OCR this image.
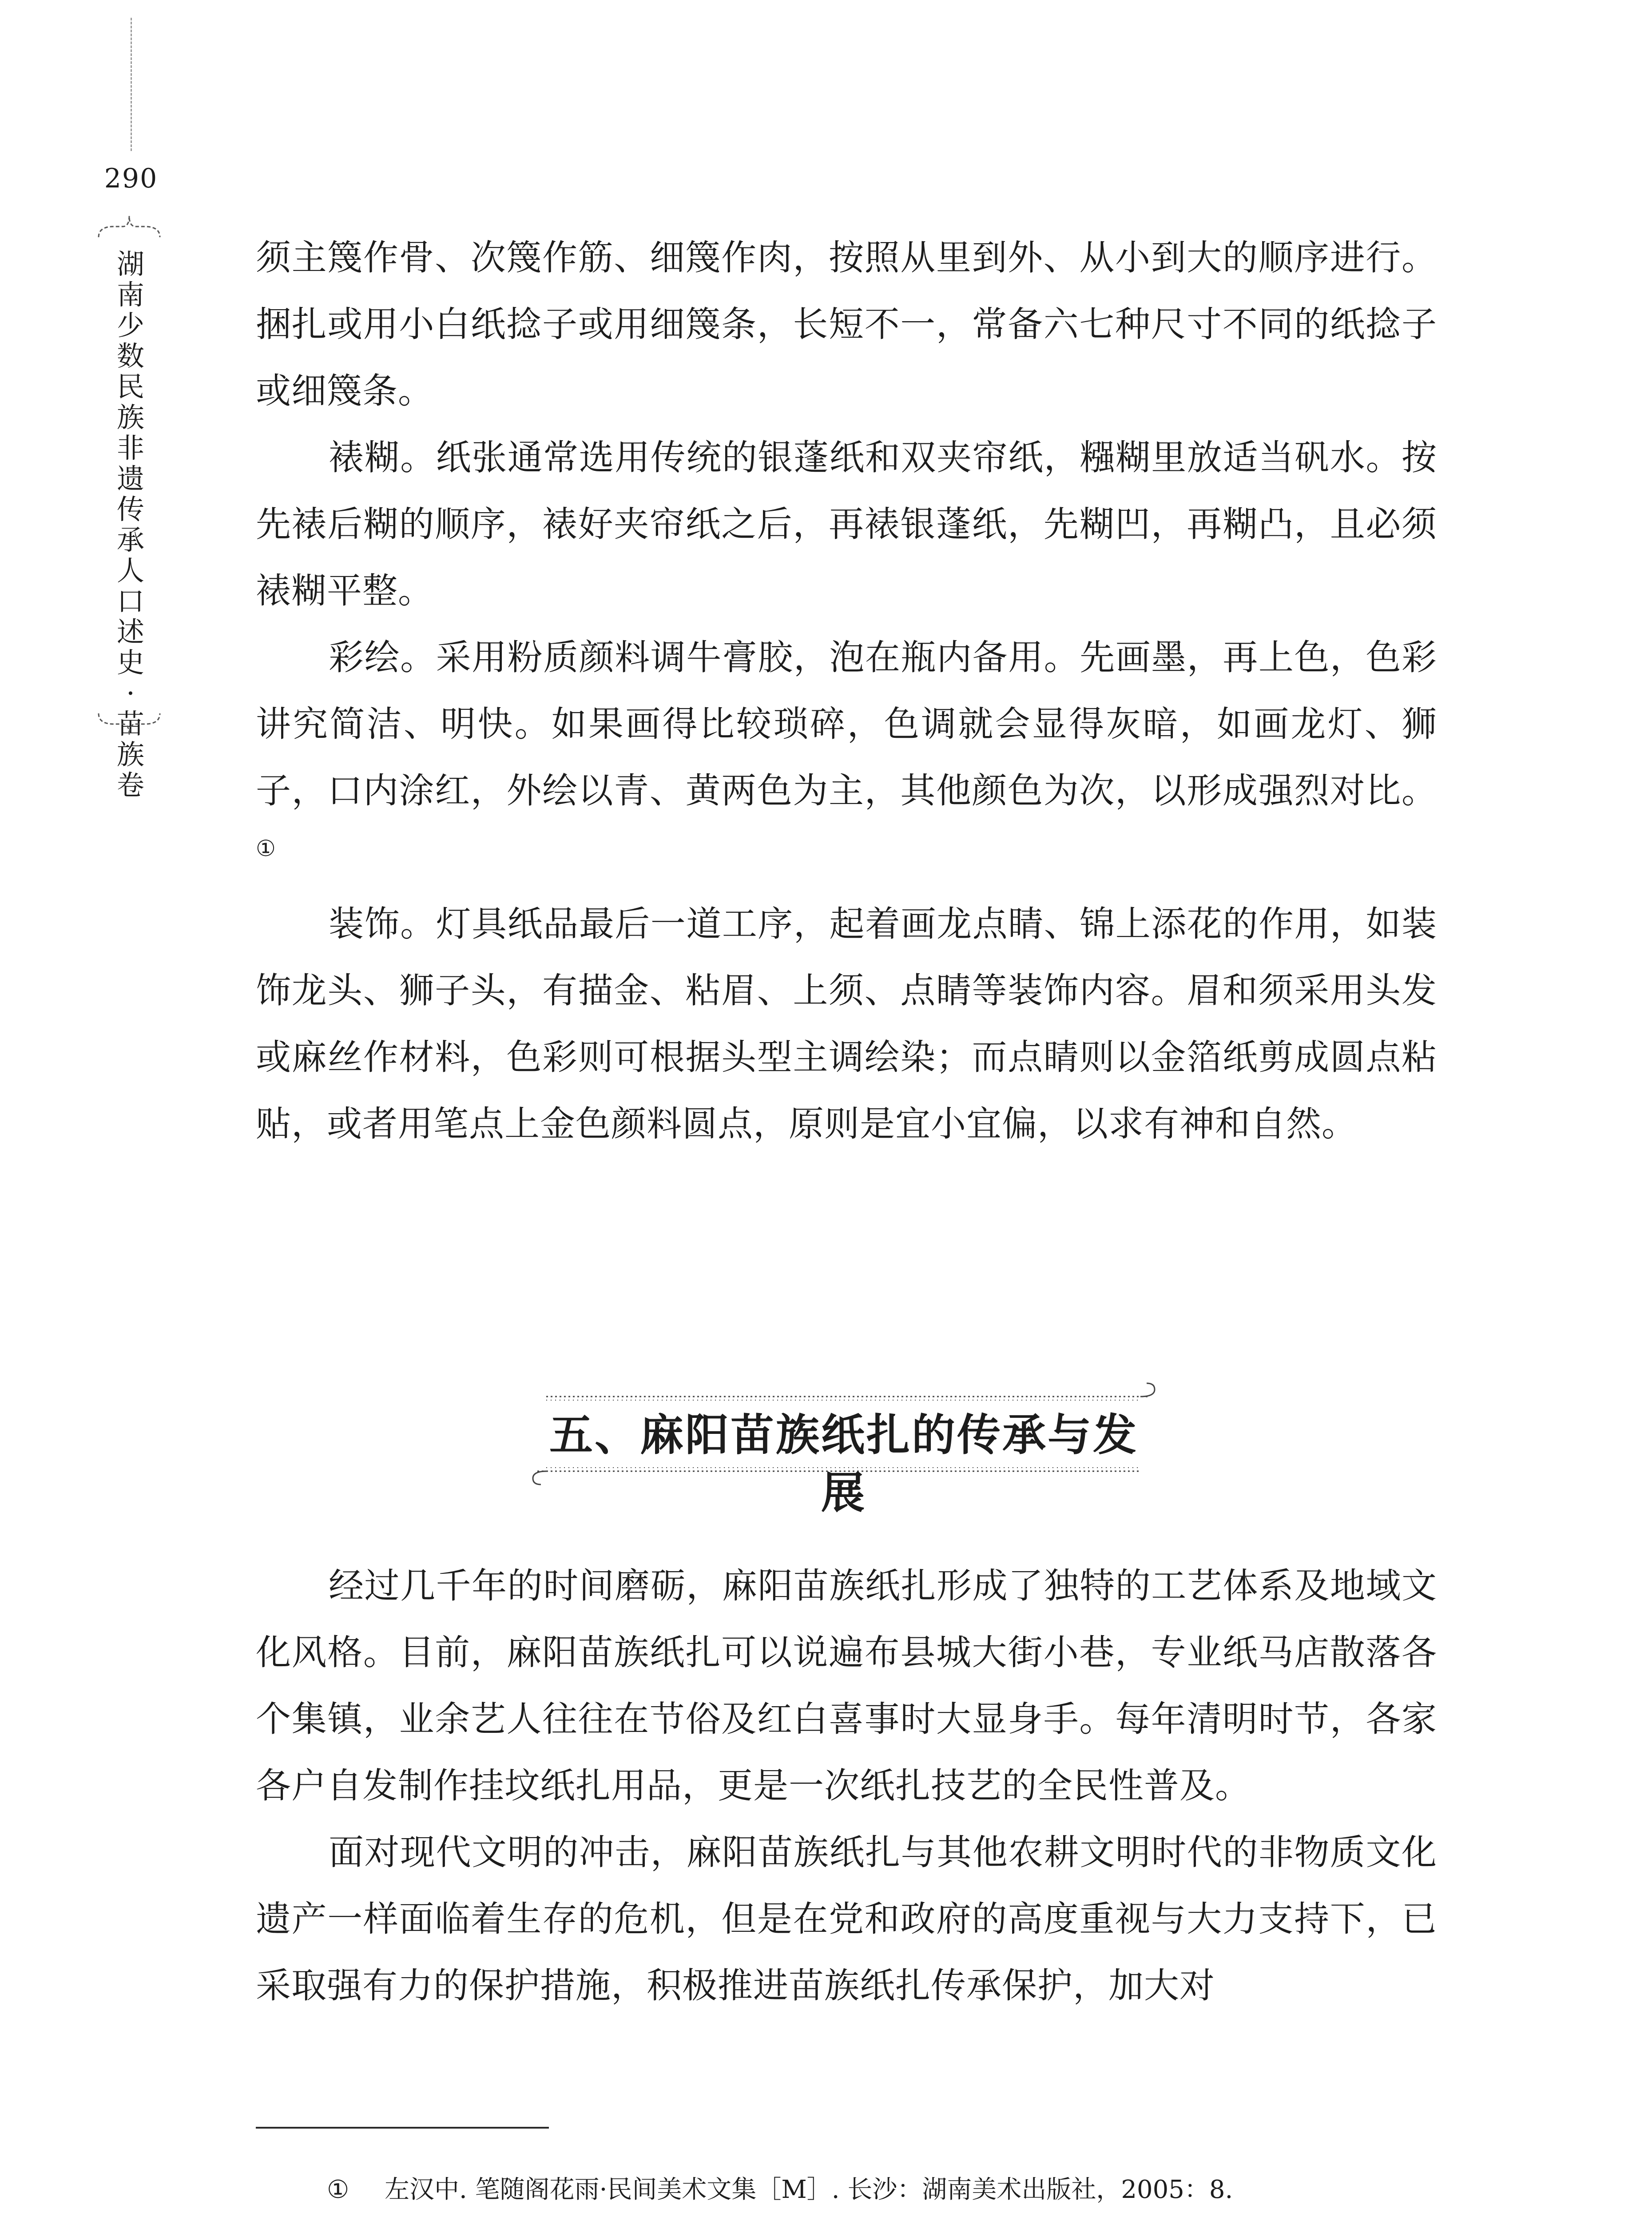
290
湖南少数民族非遗传承人口述史·苗族卷

须主篾作骨、次篾作筋、细篾作肉，按照从里到外、从小到大的顺序进行。捆扎或用小白纸捻子或用细篾条，长短不一，常备六七种尺寸不同的纸捻子或细篾条。

裱糊。纸张通常选用传统的银蓬纸和双夹帘纸，糨糊里放适当矾水。按先裱后糊的顺序，裱好夹帘纸之后，再裱银蓬纸，先糊凹，再糊凸，且必须裱糊平整。

彩绘。采用粉质颜料调牛膏胶，泡在瓶内备用。先画墨，再上色，色彩讲究简洁、明快。如果画得比较琐碎，色调就会显得灰暗，如画龙灯、狮子，口内涂红，外绘以青、黄两色为主，其他颜色为次，以形成强烈对比。①

装饰。灯具纸品最后一道工序，起着画龙点睛、锦上添花的作用，如装饰龙头、狮子头，有描金、粘眉、上须、点睛等装饰内容。眉和须采用头发或麻丝作材料，色彩则可根据头型主调绘染；而点睛则以金箔纸剪成圆点粘贴，或者用笔点上金色颜料圆点，原则是宜小宜偏，以求有神和自然。

五、麻阳苗族纸扎的传承与发展

经过几千年的时间磨砺，麻阳苗族纸扎形成了独特的工艺体系及地域文化风格。目前，麻阳苗族纸扎可以说遍布县城大街小巷，专业纸马店散落各个集镇，业余艺人往往在节俗及红白喜事时大显身手。每年清明时节，各家各户自发制作挂坟纸扎用品，更是一次纸扎技艺的全民性普及。

面对现代文明的冲击，麻阳苗族纸扎与其他农耕文明时代的非物质文化遗产一样面临着生存的危机，但是在党和政府的高度重视与大力支持下，已采取强有力的保护措施，积极推进苗族纸扎传承保护，加大对

① 左汉中. 笔随阁花雨·民间美术文集［M］. 长沙：湖南美术出版社，2005：8.
